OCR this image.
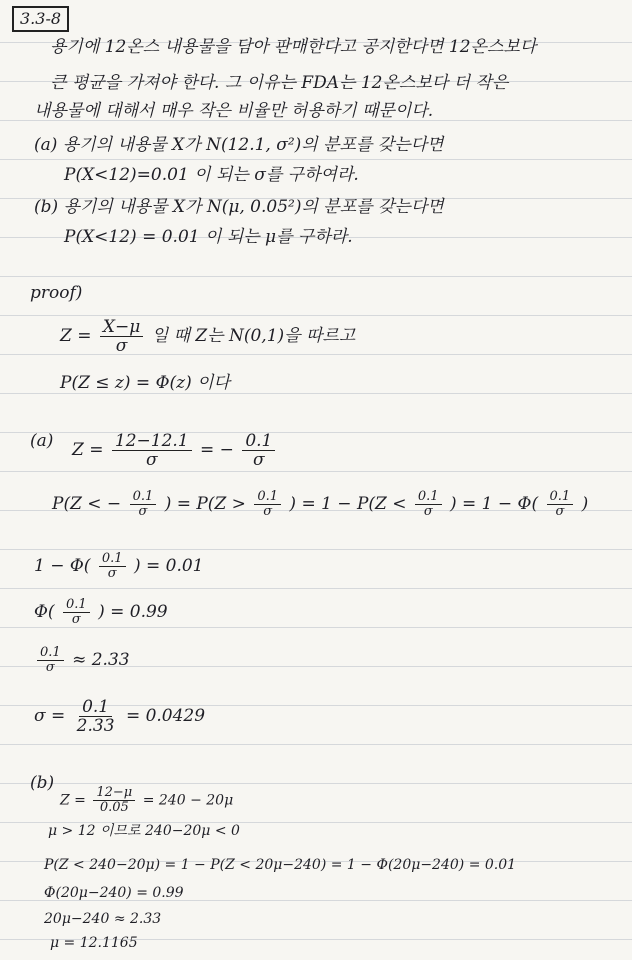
3.3-8
용기에 12온스 내용물을 담아 판매한다고 공지한다면 12온스보다
큰 평균을 가져야 한다. 그 이유는 FDA는 12온스보다 더 작은
내용물에 대해서 매우 작은 비율만 허용하기 때문이다.
(a) 용기의 내용물 X가 N(12.1, σ²)의 분포를 갖는다면
P(X<12)=0.01 이 되는 σ를 구하여라.
(b) 용기의 내용물 X가 N(μ, 0.05²)의 분포를 갖는다면
P(X<12) = 0.01 이 되는 μ를 구하라.
proof)
$Z = \frac{X-\mu}{\sigma}$ 일 때 Z는 N(0,1)을 따르고
P(Z ≤ z) = Φ(z) 이다
(a) $Z = \frac{12-12.1}{\sigma}$ = − $\frac{0.1}{\sigma}$
P(Z < − $\frac{0.1}{\sigma}$ ) = $P(Z > \frac{0.1}{\sigma}$ ) = $1 - P(Z < \frac{0.1}{\sigma}$ ) = $1 - \Phi( \frac{0.1}{\sigma}$ )
$1 - \Phi( \frac{0.1}{\sigma}$ ) = 0.01
$\Phi( \frac{0.1}{\sigma}$ ) = 0.99
$\frac{0.1}{\sigma} \approx 2.33$
$\sigma = \frac{0.1}{2.33} = 0.0429$
(b)
$Z = \frac{12-\mu}{0.05} = 240 - 20\mu$
μ > 12 이므로 240−20μ < 0
P(Z < 240−20μ) = 1 − P(Z < 20μ−240) = 1 − Φ(20μ−240) = 0.01
Φ(20μ−240) = 0.99
20μ−240 ≈ 2.33
μ = 12.1165
